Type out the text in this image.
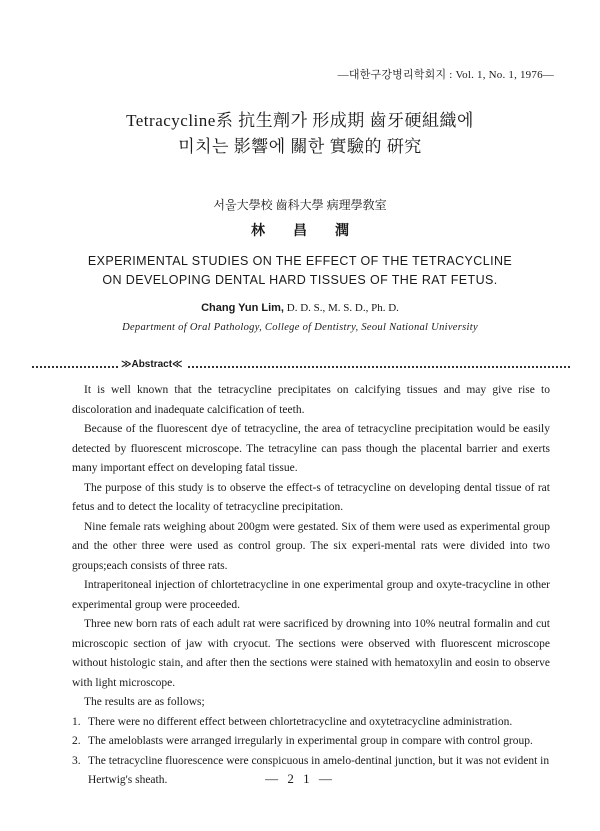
—대한구강병리학회지 : Vol. 1, No. 1, 1976—
Tetracycline系 抗生劑가 形成期 齒牙硬組織에
미치는 影響에 關한 實驗的 硏究
서울大學校 齒科大學 病理學敎室
林昌潤
EXPERIMENTAL STUDIES ON THE EFFECT OF THE TETRACYCLINE
ON DEVELOPING DENTAL HARD TISSUES OF THE RAT FETUS.
Chang Yun Lim, D. D. S., M. S. D., Ph. D.
Department of Oral Pathology, College of Dentistry, Seoul National University
≫Abstract≪

It is well known that the tetracycline precipitates on calcifying tissues and may give rise to discoloration and inadequate calcification of teeth.

Because of the fluorescent dye of tetracycline, the area of tetracycline precipitation would be easily detected by fluorescent microscope. The tetracyline can pass though the placental barrier and exerts many important effect on developing fatal tissue.

The purpose of this study is to observe the effect-s of tetracycline on developing dental tissue of rat fetus and to detect the locality of tetracycline precipitation.

Nine female rats weighing about 200gm were gestated. Six of them were used as experimental group and the other three were used as control group. The six experi-mental rats were divided into two groups;each consists of three rats.

Intraperitoneal injection of chlortetracycline in one experimental group and oxyte-tracycline in other experimental group were proceeded.

Three new born rats of each adult rat were sacrificed by drowning into 10% neutral formalin and cut microscopic section of jaw with cryocut. The sections were observed with fluorescent microscope without histologic stain, and after then the sections were stained with hematoxylin and eosin to observe with light microscope.

The results are as follows;

1. There were no different effect between chlortetracycline and oxytetracycline administration.
2. The ameloblasts were arranged irregularly in experimental group in compare with control group.
3. The tetracycline fluorescence were conspicuous in amelo-dentinal junction, but it was not evident in Hertwig's sheath.	— 2 1 —
